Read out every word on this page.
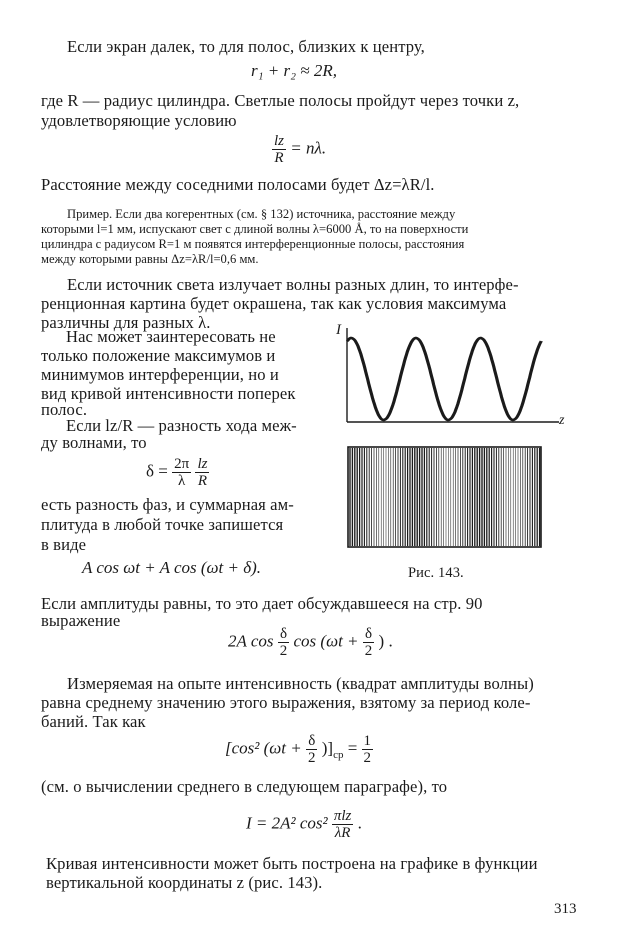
Если экран далек, то для полос, близких к центру,
r₁ + r₂ ≈ 2R,
где R — радиус цилиндра. Светлые полосы пройдут через точки z,
удовлетворяющие условию
$\frac{lz}{R} = n\lambda$.
Расстояние между соседними полосами будет Δz=λR/l.
Пример. Если два когерентных (см. § 132) источника, расстояние между
которыми l=1 мм, испускают свет с длиной волны λ=6000 Å, то на поверхности
цилиндра с радиусом R=1 м появятся интерференционные полосы, расстояния
между которыми равны Δz=λR/l=0,6 мм.
Если источник света излучает волны разных длин, то интерфе-
ренционная картина будет окрашена, так как условия максимума
различны для разных λ.
Нас может заинтересовать не
только положение максимумов и
минимумов интерференции, но и
вид кривой интенсивности поперек
полос.
Если lz/R — разность хода меж-
ду волнами, то
$\delta = \frac{2\pi}{\lambda}$
$\frac{lz}{R}$
есть разность фаз, и суммарная ам-
плитуда в любой точке запишется
в виде
A cos ωt + A cos (ωt + δ).
I
z
Рис. 143.
Если амплитуды равны, то это дает обсуждавшееся на стр. 90
выражение
2A $\cos \frac{\delta}{2}$ $\cos (\omega t + \frac{\delta}{2}$ ) .
Измеряемая на опыте интенсивность (квадрат амплитуды волны)
равна среднему значению этого выражения, взятому за период коле-
баний. Так как
[cos² $(\omega t + \frac{\delta}{2} )]_{ср} = \frac{1}{2}$
(см. о вычислении среднего в следующем параграфе), то
I = 2A² $\cos^2 \frac{\text{πlz}}{\lambda R}$ .
Кривая интенсивности может быть построена на графике в функции
вертикальной координаты z (рис. 143).
313
